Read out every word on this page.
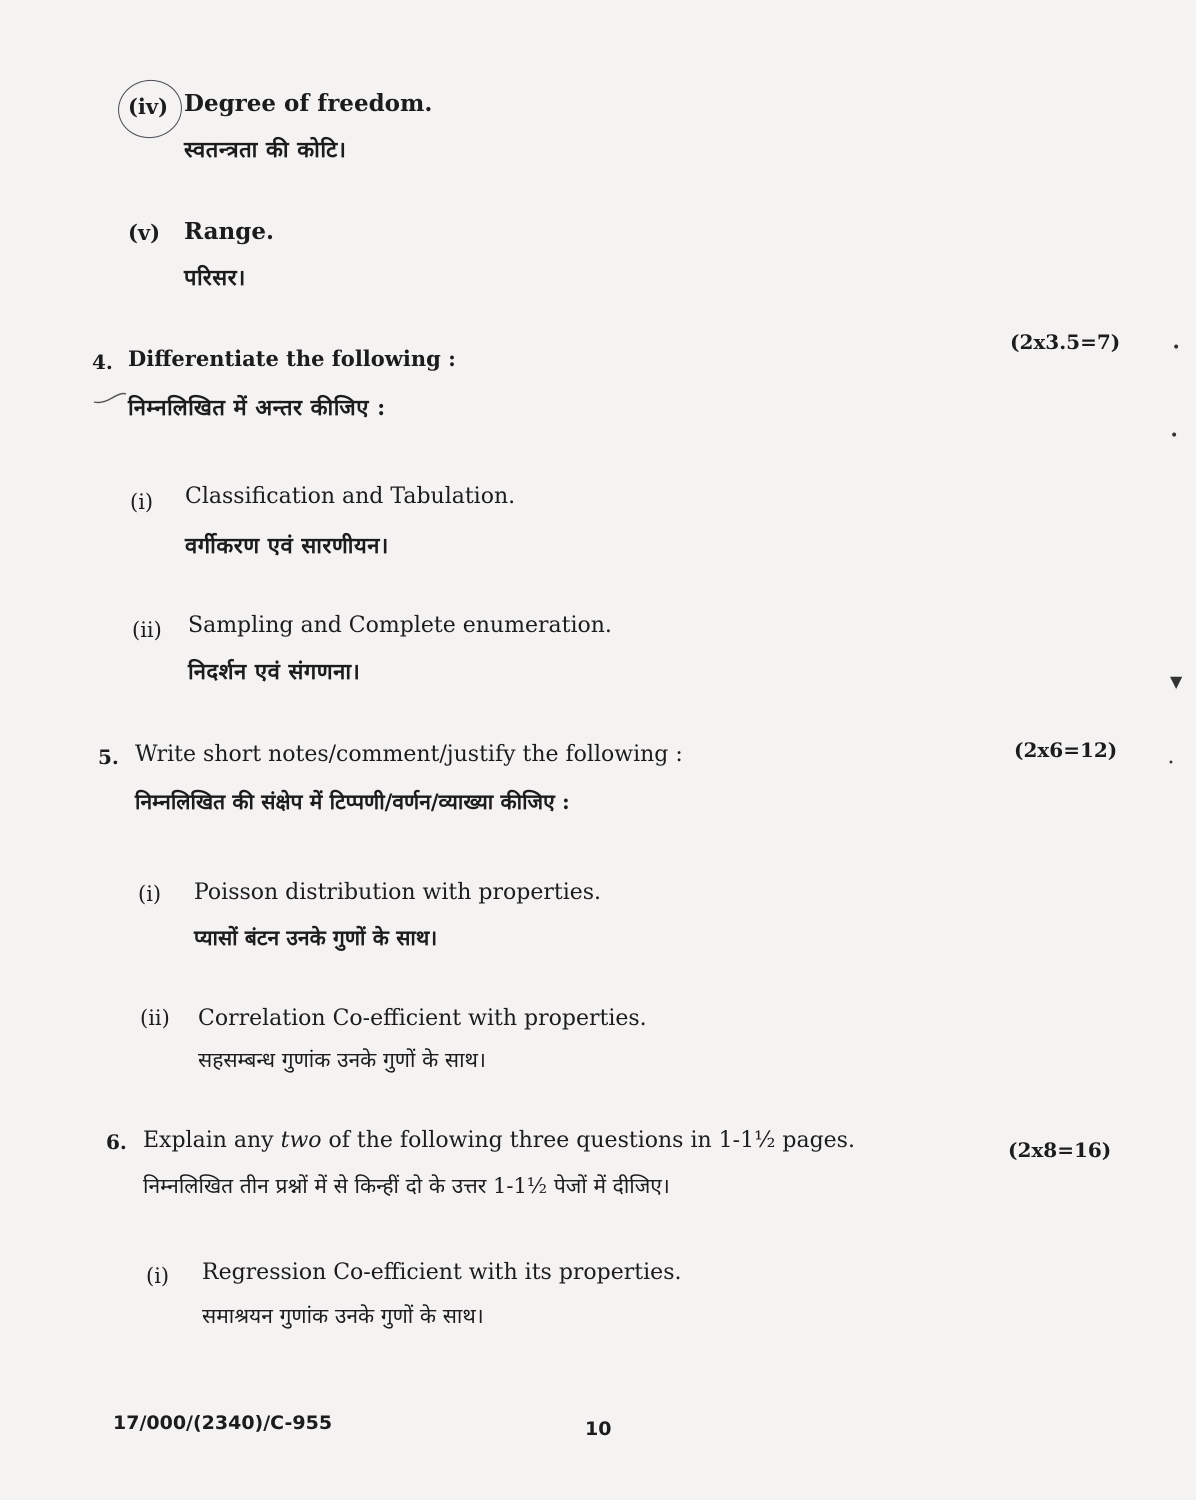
(iv) Degree of freedom.
स्वतन्त्रता की कोटि।
(v) Range.
परिसर।
4. Differentiate the following :
निम्नलिखित में अन्तर कीजिए :
(2x3.5=7)
(i) Classification and Tabulation.
वर्गीकरण एवं सारणीयन।
(ii) Sampling and Complete enumeration.
निदर्शन एवं संगणना।
5. Write short notes/comment/justify the following :
निम्नलिखित की संक्षेप में टिप्पणी/वर्णन/व्याख्या कीजिए :
(2x6=12)
(i) Poisson distribution with properties.
प्यासों बंटन उनके गुणों के साथ।
(ii) Correlation Co-efficient with properties.
सहसम्बन्ध गुणांक उनके गुणों के साथ।
6. Explain any two of the following three questions in 1-1½ pages.
निम्नलिखित तीन प्रश्नों में से किन्हीं दो के उत्तर 1-1½ पेजों में दीजिए।
(2x8=16)
(i) Regression Co-efficient with its properties.
समाश्रयन गुणांक उनके गुणों के साथ।
17/000/(2340)/C-955	10
•
•
▼
•
